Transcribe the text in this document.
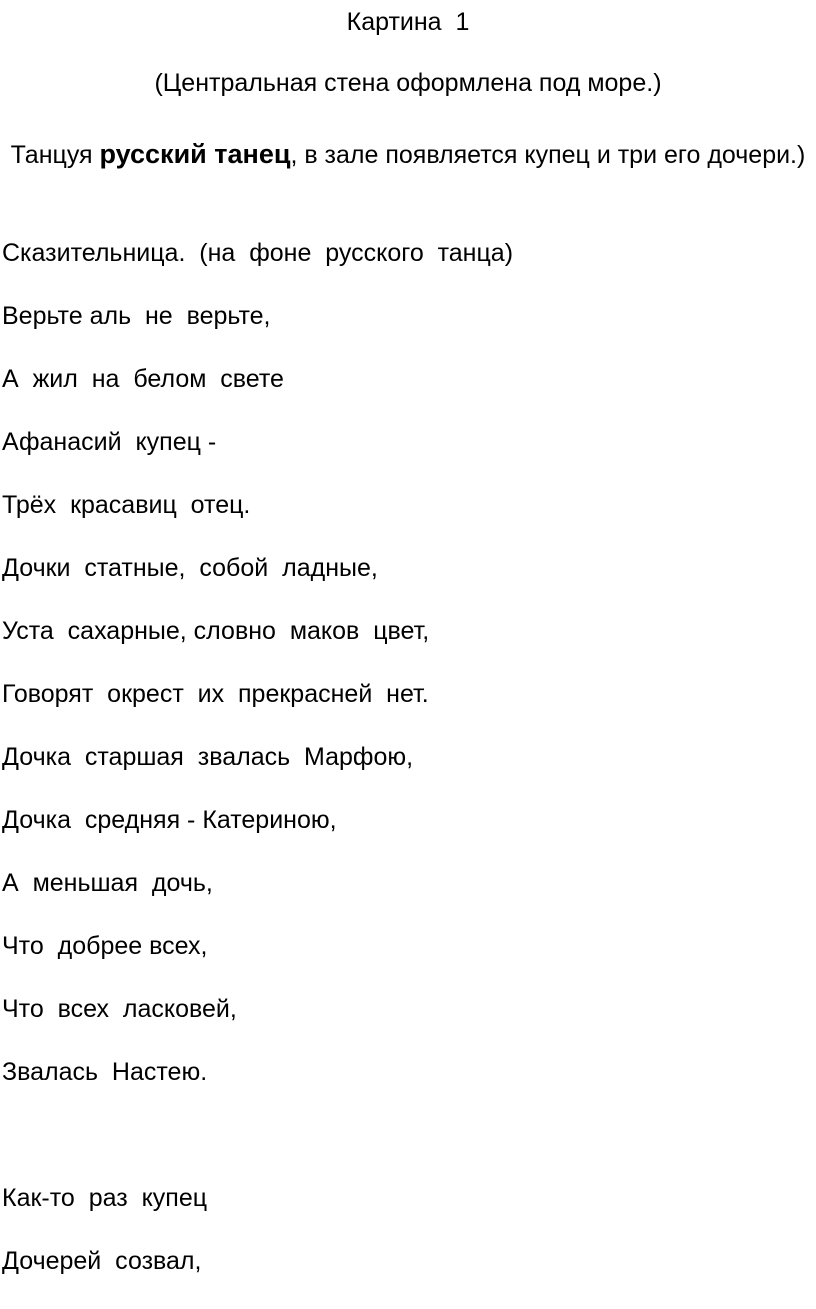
Картина  1
(Центральная стена оформлена под море.)
Танцуя русский танец, в зале появляется купец и три его дочери.)
Сказительница.  (на  фоне  русского  танца)
Верьте аль  не  верьте,
А  жил  на  белом  свете
Афанасий  купец -
Трёх  красавиц  отец.
Дочки  статные,  собой  ладные,
Уста  сахарные, словно  маков  цвет,
Говорят  окрест  их  прекрасней  нет.
Дочка  старшая  звалась  Марфою,
Дочка  средняя - Катериною,
А  меньшая  дочь,
Что  добрее всех,
Что  всех  ласковей,
Звалась  Настею.
Как-то  раз  купец
Дочерей  созвал,
